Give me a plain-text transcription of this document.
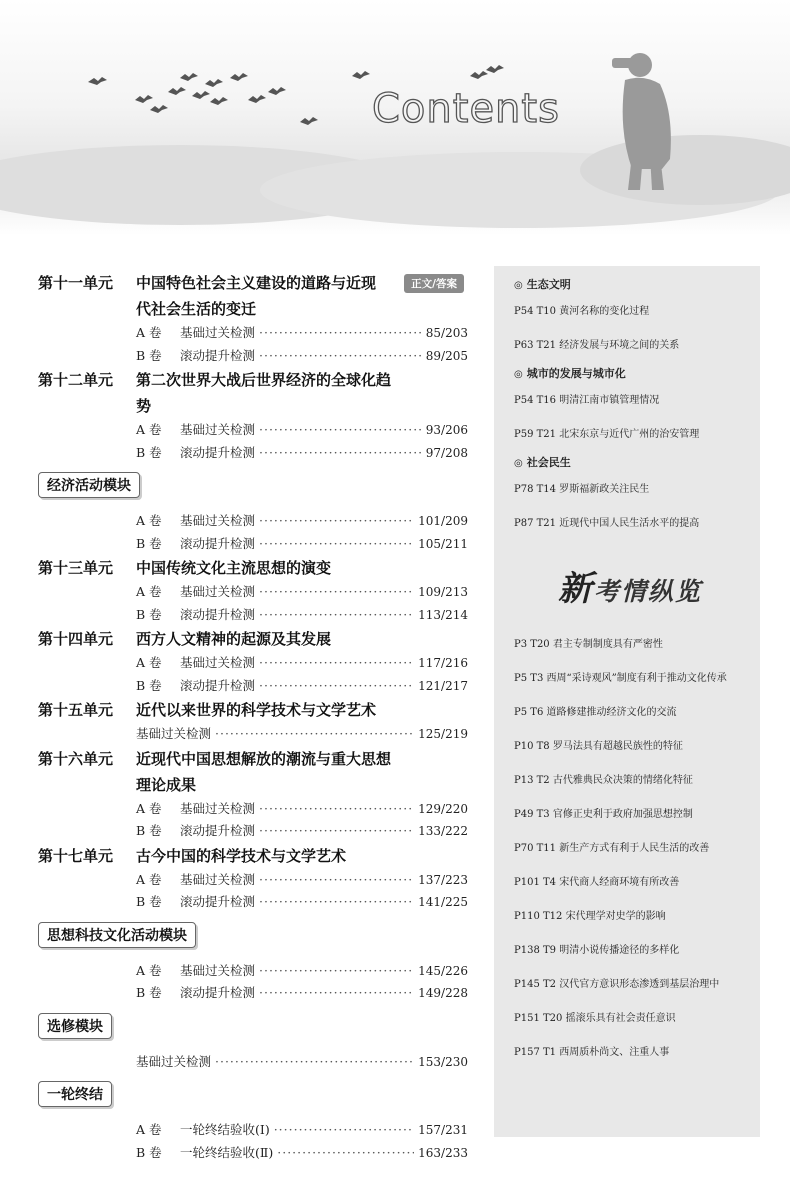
Contents
正文/答案
第十一单元	中国特色社会主义建设的道路与近现代社会生活的变迁
A 卷	基础过关检测 ·····	85/203
B 卷	滚动提升检测 ·····	89/205
第十二单元	第二次世界大战后世界经济的全球化趋势
A 卷	基础过关检测 ·····	93/206
B 卷	滚动提升检测 ·····	97/208
经济活动模块
A 卷	基础过关检测 ·····	101/209
B 卷	滚动提升检测 ·····	105/211
第十三单元	中国传统文化主流思想的演变
A 卷	基础过关检测 ·····	109/213
B 卷	滚动提升检测 ·····	113/214
第十四单元	西方人文精神的起源及其发展
A 卷	基础过关检测 ·····	117/216
B 卷	滚动提升检测 ·····	121/217
第十五单元	近代以来世界的科学技术与文学艺术
基础过关检测 ·····	125/219
第十六单元	近现代中国思想解放的潮流与重大思想理论成果
A 卷	基础过关检测 ·····	129/220
B 卷	滚动提升检测 ·····	133/222
第十七单元	古今中国的科学技术与文学艺术
A 卷	基础过关检测 ·····	137/223
B 卷	滚动提升检测 ·····	141/225
思想科技文化活动模块
A 卷	基础过关检测 ·····	145/226
B 卷	滚动提升检测 ·····	149/228
选修模块
基础过关检测 ·····	153/230
一轮终结
A 卷	一轮终结验收(Ⅰ) ·····	157/231
B 卷	一轮终结验收(Ⅱ) ·····	163/233
◎ 生态文明
P54 T10 黄河名称的变化过程
P63 T21 经济发展与环境之间的关系
◎ 城市的发展与城市化
P54 T16 明清江南市镇管理情况
P59 T21 北宋东京与近代广州的治安管理
◎ 社会民生
P78 T14 罗斯福新政关注民生
P87 T21 近现代中国人民生活水平的提高
新考情纵览
P3 T20 君主专制制度具有严密性
P5 T3 西周“采诗观风”制度有利于推动文化传承
P5 T6 道路修建推动经济文化的交流
P10 T8 罗马法具有超越民族性的特征
P13 T2 古代雅典民众决策的情绪化特征
P49 T3 官修正史利于政府加强思想控制
P70 T11 新生产方式有利于人民生活的改善
P101 T4 宋代商人经商环境有所改善
P110 T12 宋代理学对史学的影响
P138 T9 明清小说传播途径的多样化
P145 T2 汉代官方意识形态渗透到基层治理中
P151 T20 摇滚乐具有社会责任意识
P157 T1 西周质朴尚文、注重人事
